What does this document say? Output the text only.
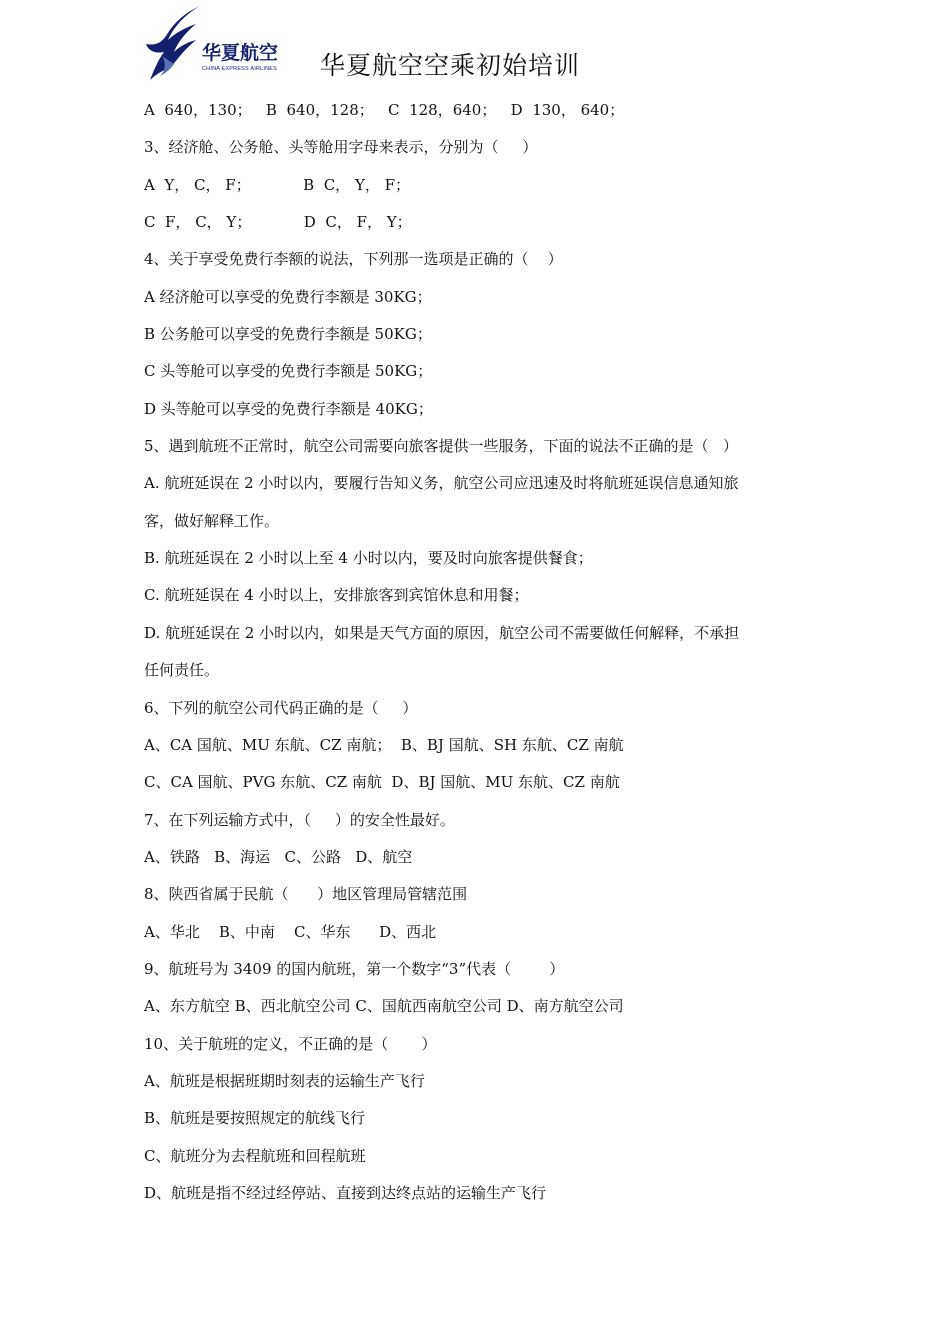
华夏航空
CHINA EXPRESS AIRLINES 华夏航空空乘初始培训
A  640，130；   B  640，128；   C  128，640；   D  130， 640；
3、经济舱、公务舱、头等舱用字母来表示，分别为（     ）
A  Y， C， F；           B  C， Y， F；
C  F， C， Y；           D  C， F， Y；
4、关于享受免费行李额的说法，下列那一选项是正确的（    ）
A 经济舱可以享受的免费行李额是 30KG；
B 公务舱可以享受的免费行李额是 50KG；
C 头等舱可以享受的免费行李额是 50KG；
D 头等舱可以享受的免费行李额是 40KG；
5、遇到航班不正常时，航空公司需要向旅客提供一些服务，下面的说法不正确的是（   ）
A. 航班延误在 2 小时以内，要履行告知义务，航空公司应迅速及时将航班延误信息通知旅
客，做好解释工作。
B. 航班延误在 2 小时以上至 4 小时以内，要及时向旅客提供餐食；
C. 航班延误在 4 小时以上，安排旅客到宾馆休息和用餐；
D. 航班延误在 2 小时以内，如果是天气方面的原因，航空公司不需要做任何解释，不承担
任何责任。
6、下列的航空公司代码正确的是（     ）
A、CA 国航、MU 东航、CZ 南航；  B、BJ 国航、SH 东航、CZ 南航
C、CA 国航、PVG 东航、CZ 南航  D、BJ 国航、MU 东航、CZ 南航
7、在下列运输方式中，（     ）的安全性最好。
A、铁路   B、海运   C、公路   D、航空
8、陕西省属于民航（      ）地区管理局管辖范围
A、华北    B、中南    C、华东      D、西北
9、航班号为 3409 的国内航班，第一个数字“3”代表（        ）
A、东方航空 B、西北航空公司 C、国航西南航空公司 D、南方航空公司
10、关于航班的定义，不正确的是（       ）
A、航班是根据班期时刻表的运输生产飞行
B、航班是要按照规定的航线飞行
C、航班分为去程航班和回程航班
D、航班是指不经过经停站、直接到达终点站的运输生产飞行
